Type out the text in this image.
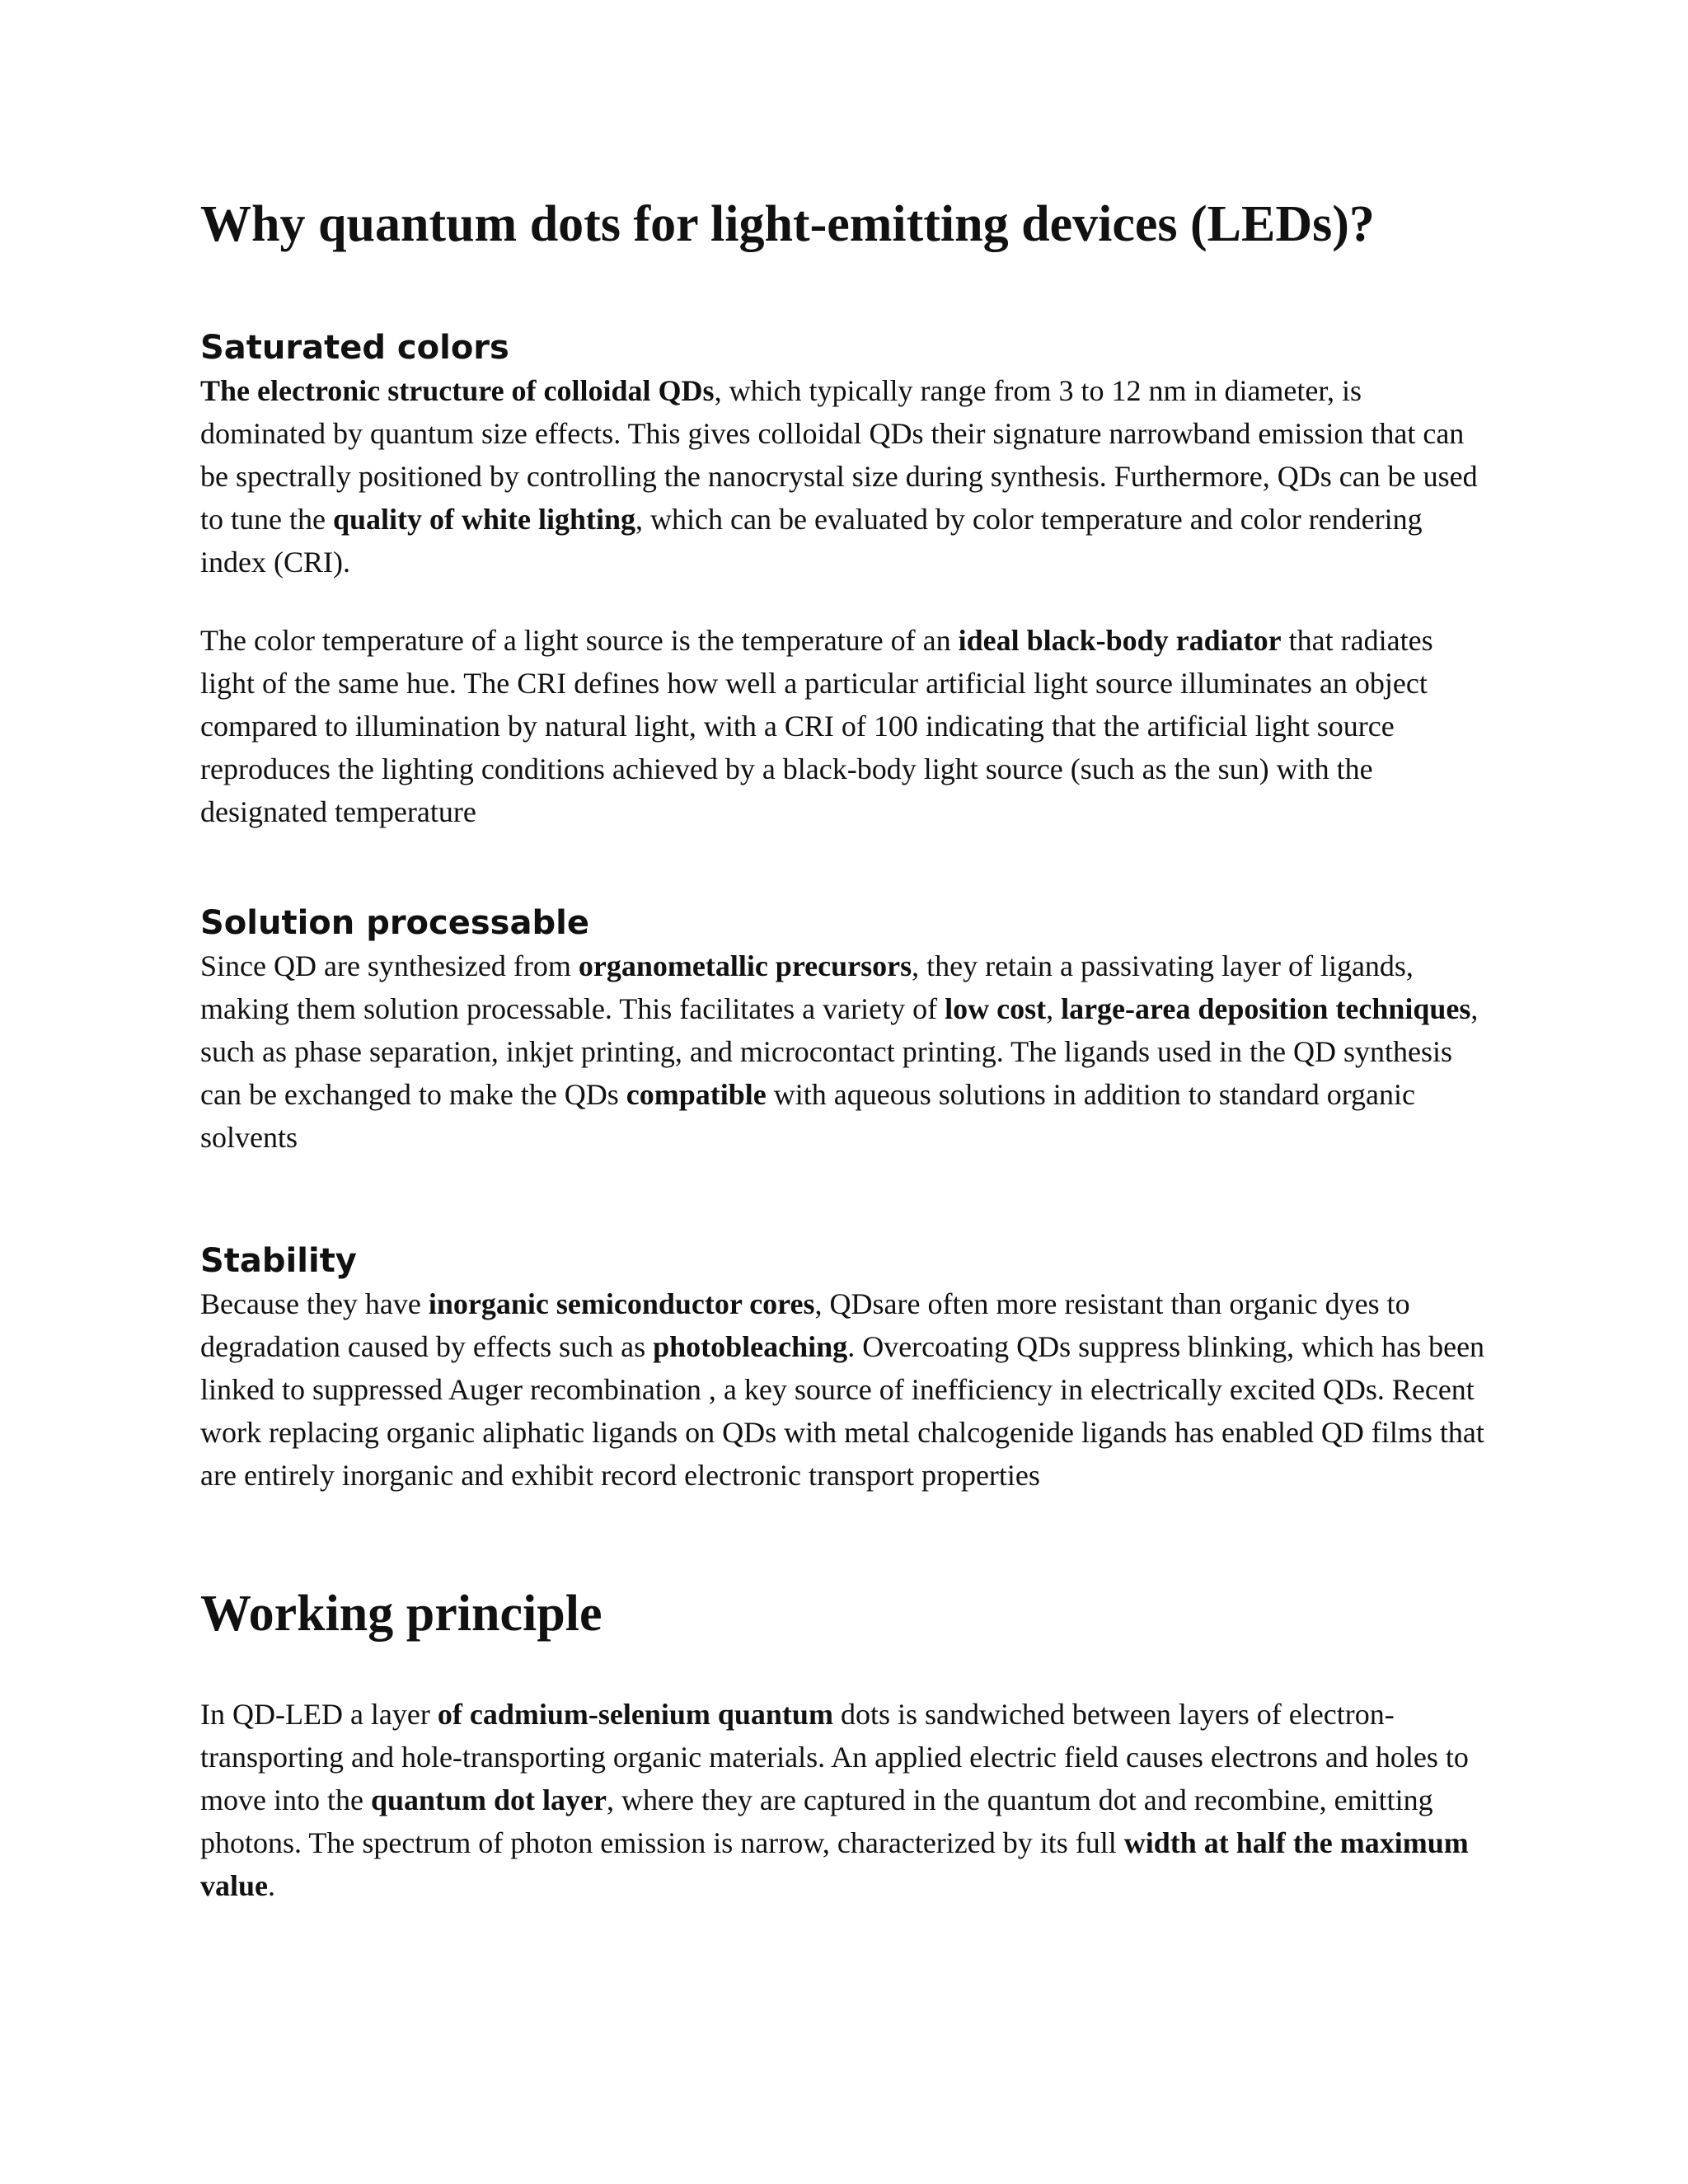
Why quantum dots for light-emitting devices (LEDs)?
Saturated colors

The electronic structure of colloidal QDs, which typically range from 3 to 12 nm in diameter, is dominated by quantum size effects. This gives colloidal QDs their signature narrowband emission that can be spectrally positioned by controlling the nanocrystal size during synthesis. Furthermore, QDs can be used to tune the quality of white lighting, which can be evaluated by color temperature and color rendering index (CRI).

The color temperature of a light source is the temperature of an ideal black-body radiator that radiates light of the same hue. The CRI defines how well a particular artificial light source illuminates an object compared to illumination by natural light, with a CRI of 100 indicating that the artificial light source reproduces the lighting conditions achieved by a black-body light source (such as the sun) with the designated temperature

Solution processable

Since QD are synthesized from organometallic precursors, they retain a passivating layer of ligands, making them solution processable. This facilitates a variety of low cost, large-area deposition techniques, such as phase separation, inkjet printing, and microcontact printing. The ligands used in the QD synthesis can be exchanged to make the QDs compatible with aqueous solutions in addition to standard organic solvents

Stability

Because they have inorganic semiconductor cores, QDsare often more resistant than organic dyes to degradation caused by effects such as photobleaching. Overcoating QDs suppress blinking, which has been linked to suppressed Auger recombination , a key source of inefficiency in electrically excited QDs. Recent work replacing organic aliphatic ligands on QDs with metal chalcogenide ligands has enabled QD films that are entirely inorganic and exhibit record electronic transport properties

Working principle

In QD-LED a layer of cadmium-selenium quantum dots is sandwiched between layers of electron-transporting and hole-transporting organic materials. An applied electric field causes electrons and holes to move into the quantum dot layer, where they are captured in the quantum dot and recombine, emitting photons. The spectrum of photon emission is narrow, characterized by its full width at half the maximum value.
